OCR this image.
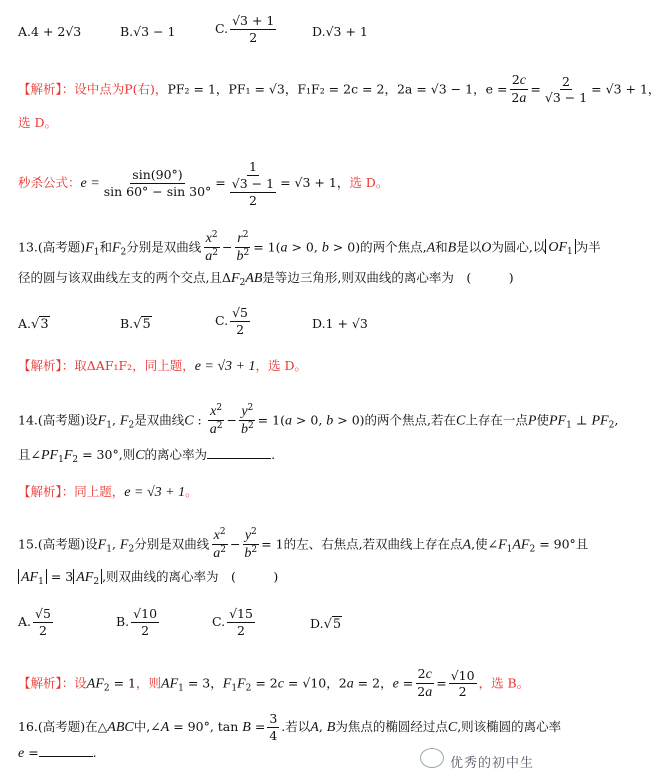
A.4 + 2√3	B.√3 − 1	C. $\frac{√3 + 1}{2}$	D.√3 + 1
【解析】：设中点为P(右)，PF₂ = 1，PF₁ = √3，F₁F₂ = 2c = 2，2a = √3 − 1，$e = \frac{2c}{2a} = \frac{2}{√3 - 1} = √3 + 1$，
选 D。
秒杀公式：$e = \frac{\sin(90^\circ)}{\sin 60^\circ - \sin 30^\circ} = \frac{1}{\frac{√3 - 1}{2}} = √3 + 1$，选 D。
13.(高考题)$F_1$和$F_2$分别是双曲线 $\frac{x^2}{a^2} - \frac{r^2}{b^2} = 1(a > 0$, b > 0)的两个焦点,A和B是以O为圆心,以 $OF_1$ 为半
径的圆与该双曲线左支的两个交点,且$\Delta F_2AB$是等边三角形,则双曲线的离心率为　(　　　)
A.√3	B.√5	C. $\frac{√5}{2}$	D.1 + √3
【解析】：取ΔAF₁F₂，同上题，e = √3 + 1，选 D。
14.(高考题)设$F_1$, $F_2$是双曲线C : $\frac{x^2}{a^2} - \frac{y^2}{b^2} = 1(a > 0$, b > 0)的两个焦点,若在C上存在一点P使$PF_1$ ⊥ $PF_2$,
且$\angle PF_1F_2 = 30^\circ$,则C的离心率为	.
【解析】：同上题，e = √3 + 1。
15.(高考题)设$F_1$, $F_2$分别是双曲线 $\frac{x^2}{a^2} - \frac{y^2}{b^2} = 1$的左、右焦点,若双曲线上存在点A,使$\angle F_1AF_2 = 90^\circ$且
$AF_1 = 3$ $AF_2$ ,则双曲线的离心率为　(　　　)
A. $\frac{√5}{2}$	B. $\frac{√10}{2}$	C. $\frac{√15}{2}$	D.√5
【解析】：设$AF_2 = 1$，则$AF_1 = 3$，$F_1F_2 = 2c = √10$，2a = 2，$e = \frac{2c}{2a} = \frac{√10}{2}$ ，选 B。
16.(高考题)在△ABC中,∠A = 90°, $\tan B = \frac{3}{4}$ .若以A, B为焦点的椭圆经过点C,则该椭圆的离心率
e =	.
优秀的初中生
